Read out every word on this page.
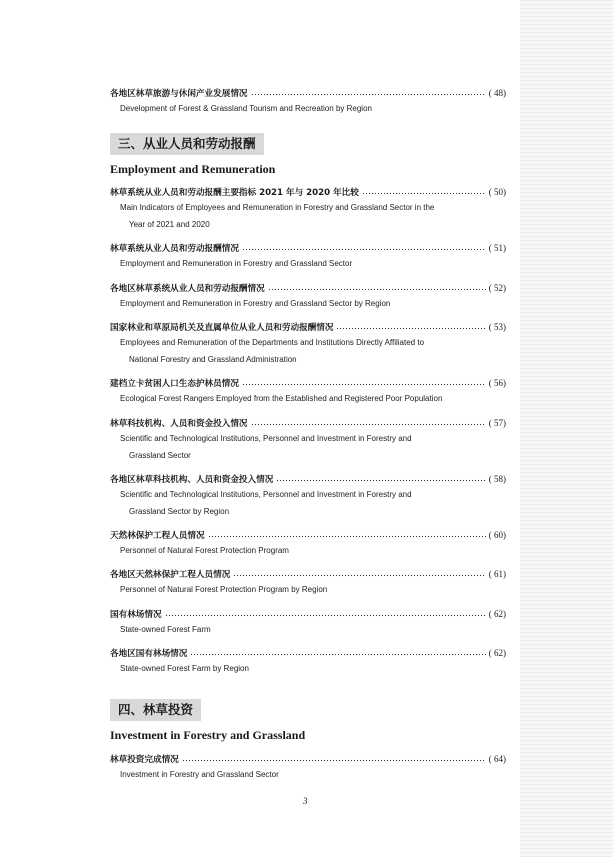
各地区林草旅游与休闲产业发展情况	( 48)
Development of Forest & Grassland Tourism and Recreation by Region
三、从业人员和劳动报酬
Employment and Remuneration
林草系统从业人员和劳动报酬主要指标 2021 年与 2020 年比较	( 50)
Main Indicators of Employees and Remuneration in Forestry and Grassland Sector in the
Year of 2021 and 2020
林草系统从业人员和劳动报酬情况	( 51)
Employment and Remuneration in Forestry and Grassland Sector
各地区林草系统从业人员和劳动报酬情况	( 52)
Employment and Remuneration in Forestry and Grassland Sector by Region
国家林业和草原局机关及直属单位从业人员和劳动报酬情况	( 53)
Employees and Remuneration of the Departments and Institutions Directly Affiliated to
National Forestry and Grassland Administration
建档立卡贫困人口生态护林员情况	( 56)
Ecological Forest Rangers Employed from the Established and Registered Poor Population
林草科技机构、人员和资金投入情况	( 57)
Scientific and Technological Institutions, Personnel and Investment in Forestry and
Grassland Sector
各地区林草科技机构、人员和资金投入情况	( 58)
Scientific and Technological Institutions, Personnel and Investment in Forestry and
Grassland Sector by Region
天然林保护工程人员情况	( 60)
Personnel of Natural Forest Protection Program
各地区天然林保护工程人员情况	( 61)
Personnel of Natural Forest Protection Program by Region
国有林场情况	( 62)
State-owned Forest Farm
各地区国有林场情况	( 62)
State-owned Forest Farm by Region
四、林草投资
Investment in Forestry and Grassland
林草投资完成情况	( 64)
Investment in Forestry and Grassland Sector
3
